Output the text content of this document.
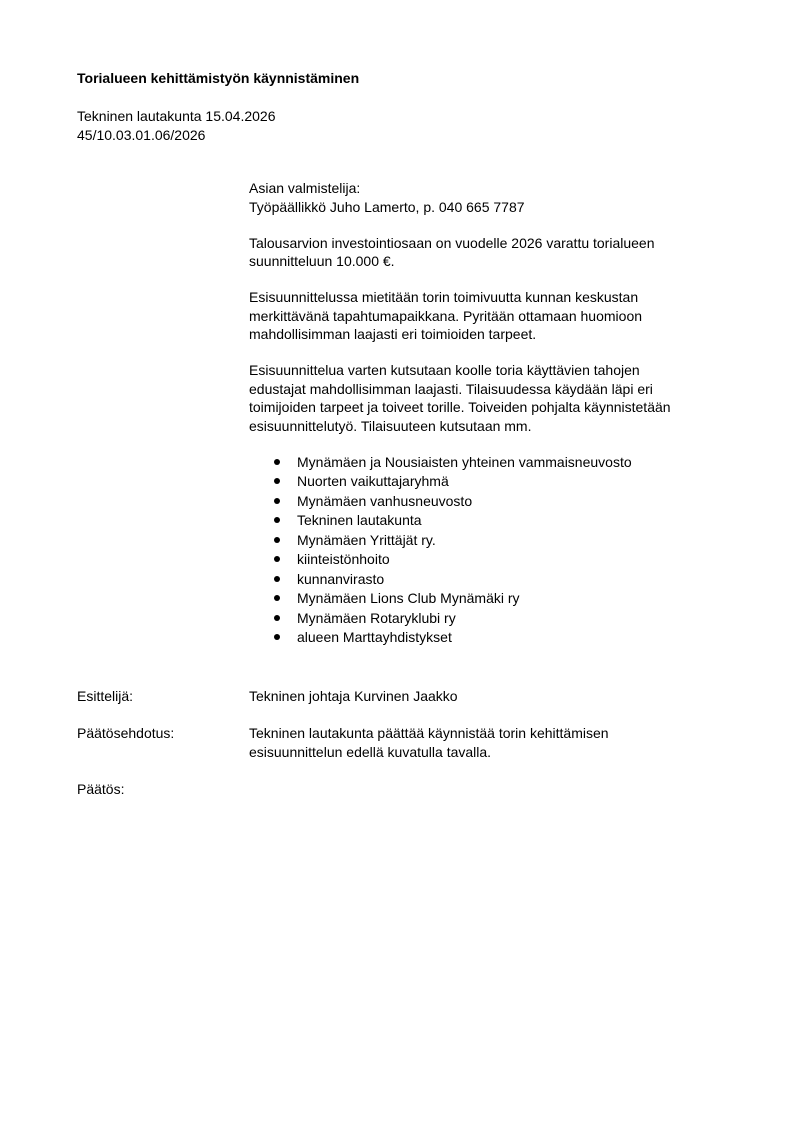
Torialueen kehittämistyön käynnistäminen
Tekninen lautakunta 15.04.2026
45/10.03.01.06/2026
Asian valmistelija:
Työpäällikkö Juho Lamerto, p. 040 665 7787
Talousarvion investointiosaan on vuodelle 2026 varattu torialueen
suunnitteluun 10.000 €.
Esisuunnittelussa mietitään torin toimivuutta kunnan keskustan
merkittävänä tapahtumapaikkana. Pyritään ottamaan huomioon
mahdollisimman laajasti eri toimioiden tarpeet.
Esisuunnittelua varten kutsutaan koolle toria käyttävien tahojen
edustajat mahdollisimman laajasti. Tilaisuudessa käydään läpi eri
toimijoiden tarpeet ja toiveet torille. Toiveiden pohjalta käynnistetään
esisuunnittelutyö. Tilaisuuteen kutsutaan mm.
Mynämäen ja Nousiaisten yhteinen vammaisneuvosto
Nuorten vaikuttajaryhmä
Mynämäen vanhusneuvosto
Tekninen lautakunta
Mynämäen Yrittäjät ry.
kiinteistönhoito
kunnanvirasto
Mynämäen Lions Club Mynämäki ry
Mynämäen Rotaryklubi ry
alueen Marttayhdistykset
Esittelijä:	Tekninen johtaja Kurvinen Jaakko
Päätösehdotus:	Tekninen lautakunta päättää käynnistää torin kehittämisen
esisuunnittelun edellä kuvatulla tavalla.
Päätös:
